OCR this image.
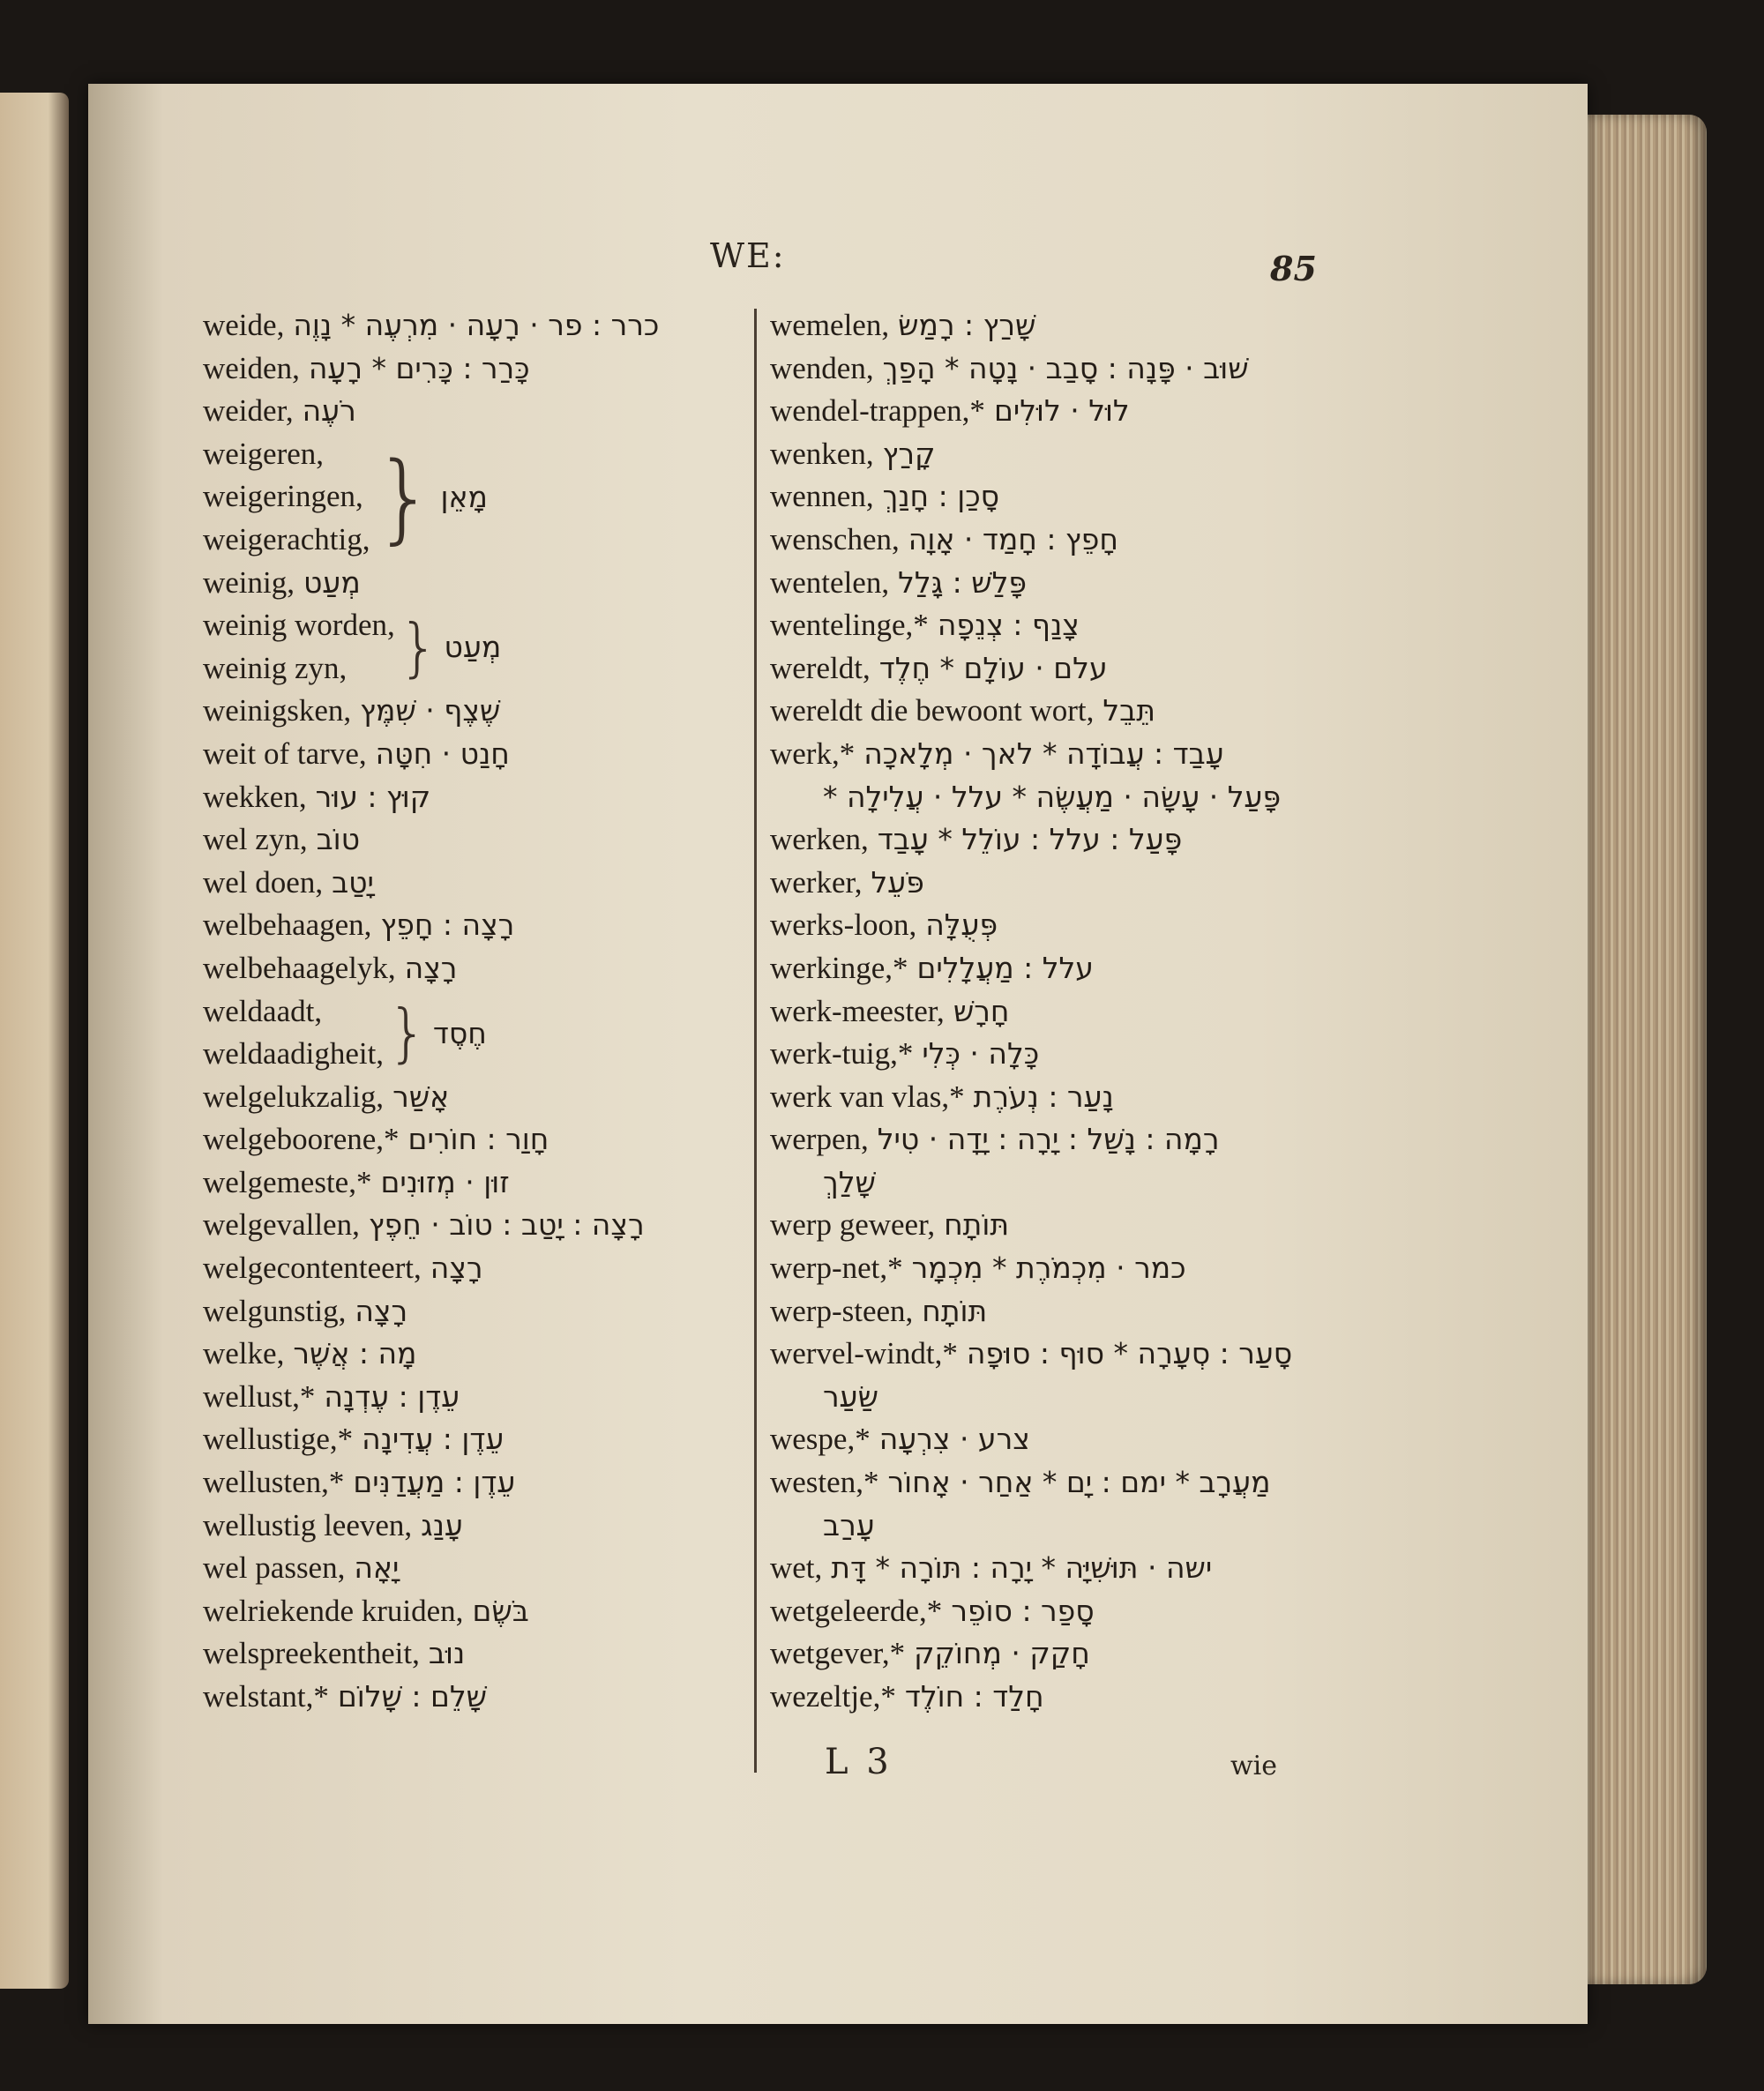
WE:	85
weide, כרר : פר · רָעָה · מִרְעֶה * נָוֶה
weiden, כָּרַר : כָּרִים * רָעָה
weider, רֹעֶה
weigeren,
weigeringen,
weigerachtig, } מָאֵן
weinig, מְעַט
weinig worden,
weinig zyn, } מְעַט
weinigsken, שֶׁצֶף · שִׁמֶּץ
weit of tarve, חָנַט · חִטָּה
wekken, קוּץ : עוּר
wel zyn, טוֹב
wel doen, יָטַב
welbehaagen, רָצָה : חָפֵץ
welbehaagelyk, רָצָה
weldaadt,
weldaadigheit, } חֶסֶד
welgelukzalig, אָשַׁר
welgeboorene,* חָוַר : חוֹרִים
welgemeste,* זוּן · מְזוּנִים
welgevallen, רָצָה : יָטַב : טוֹב · חֵפֶץ
welgecontenteert, רָצָה
welgunstig, רָצָה
welke, מָה : אֲשֶׁר
wellust,* עֵדֶן : עֶדְנָה
wellustige,* עֵדֶן : עֲדִינָה
wellusten,* עֵדֶן : מַעֲדַנִּים
wellustig leeven, עָנַג
wel passen, יָאָה
welriekende kruiden, בֹּשֶׂם
welspreekentheit, נוּב
welstant,* שָׁלֵם : שָׁלוֹם
wemelen, שָׁרַץ : רָמַשׂ
wenden, שׁוּב · פָּנָה : סָבַב · נָטָה * הָפַךְ
wendel-trappen,* לוּל · לוּלִים
wenken, קָרַץ
wennen, סָכַן : חָנַךְ
wenschen, חָפֵץ : חָמַד · אָוָה
wentelen, פָּלַשׁ : גָּלַל
wentelinge,* צָנַף : צְנֵפָה
wereldt, עלם · עוֹלָם * חֶלֶד
wereldt die bewoont wort, תֵּבֵל
werk,* עָבַד : עֲבוֹדָה * לאך · מְלָאכָה
פָּעַל · עָשָׂה · מַעֲשֶׂה * עלל · עֲלִילָה *
werken, פָּעַל : עלל : עוֹלֵל * עָבַד
werker, פֹּעֵל
werks-loon, פְּעֻלָּה
werkinge,* עלל : מַעֲלָלִים
werk-meester, חָרָשׁ
werk-tuig,* כָּלָה · כְּלִי
werk van vlas,* נָעַר : נְעֹרֶת
werpen, רָמָה : נָשַׁל : יָרָה : יָדָה · טִיל
שָׁלַךְ
werp geweer, תּוֹתָח
werp-net,* כמר · מִכְמֹרֶת * מִכְמָר
werp-steen, תּוֹתָח
wervel-windt,* סָעַר : סְעָרָה * סוּף : סוּפָה
שַׂעַר
wespe,* צרע · צִרְעָה
westen,* מַעֲרָב * ימם : יָם * אַחַר · אָחוֹר
עָרַב
wet, ישה · תּוּשִׁיָּה * יָרָה : תּוֹרָה * דָּת
wetgeleerde,* סָפַר : סוֹפֵר
wetgever,* חָקַק · מְחוֹקֵק
wezeltje,* חָלַד : חוֹלֶד
L 3	wie
